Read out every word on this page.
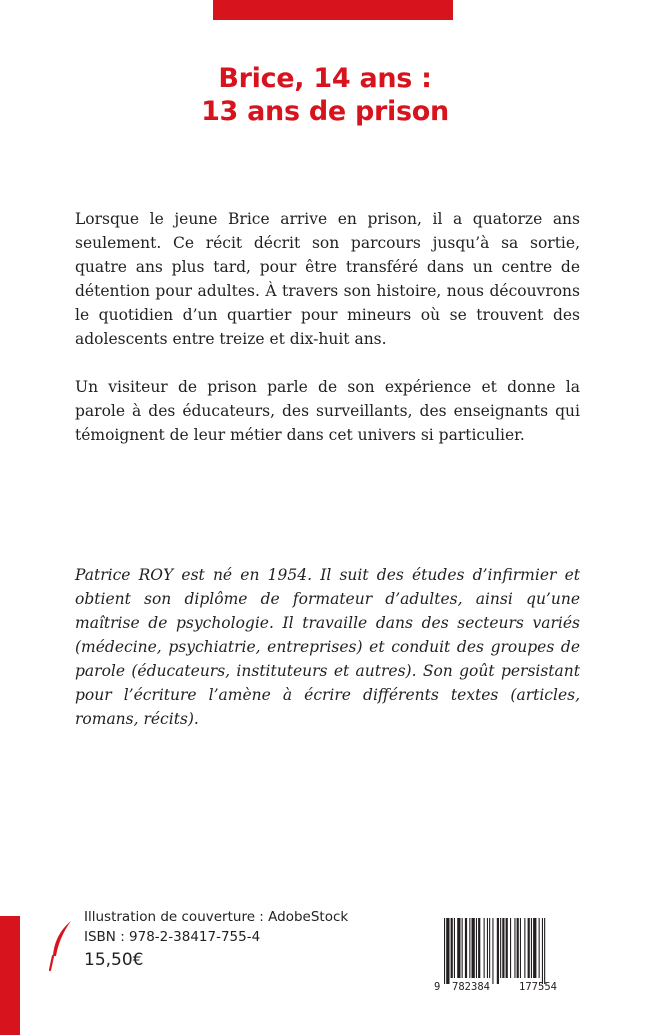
Brice, 14 ans :
13 ans de prison

Lorsque le jeune Brice arrive en prison, il a quatorze ans seulement. Ce récit décrit son parcours jusqu’à sa sortie, quatre ans plus tard, pour être transféré dans un centre de détention pour adultes. À travers son histoire, nous découvrons le quotidien d’un quartier pour mineurs où se trouvent des adolescents entre treize et dix-huit ans.

Un visiteur de prison parle de son expérience et donne la parole à des éducateurs, des surveillants, des enseignants qui témoignent de leur métier dans cet univers si particulier.

Patrice ROY est né en 1954. Il suit des études d’infirmier et obtient son diplôme de formateur d’adultes, ainsi qu’une maîtrise de psychologie. Il travaille dans des secteurs variés (médecine, psychiatrie, entreprises) et conduit des groupes de parole (éducateurs, instituteurs et autres). Son goût persistant pour l’écriture l’amène à écrire différents textes (articles, romans, récits).

Illustration de couverture : AdobeStock
ISBN : 978-2-38417-755-4
15,50€
9 782384	177554
